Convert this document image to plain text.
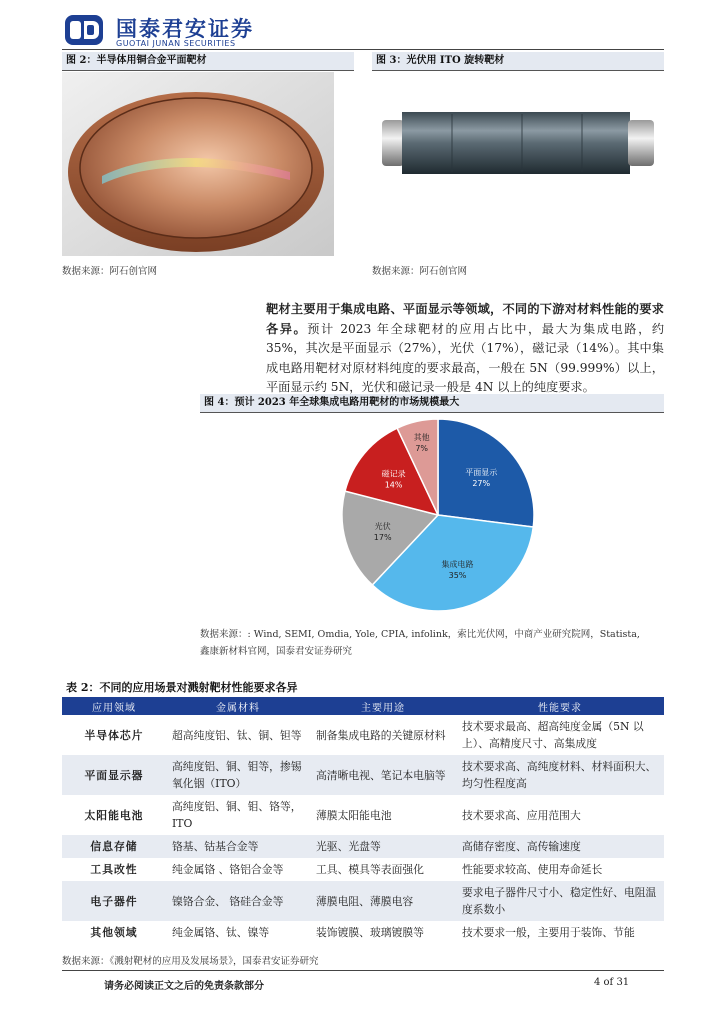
国泰君安证券
GUOTAI JUNAN SECURITIES
图 2：半导体用铜合金平面靶材	图 3：光伏用 ITO 旋转靶材
数据来源：阿石创官网	数据来源：阿石创官网
靶材主要用于集成电路、平面显示等领域，不同的下游对材料性能的要求各异。预计 2023 年全球靶材的应用占比中，最大为集成电路，约 35%，其次是平面显示（27%），光伏（17%），磁记录（14%）。其中集成电路用靶材对原材料纯度的要求最高，一般在 5N（99.999%）以上，平面显示约 5N，光伏和磁记录一般是 4N 以上的纯度要求。
图 4：预计 2023 年全球集成电路用靶材的市场规模最大
平面显示
27%
集成电路
35%
光伏
17%
磁记录
14%
其他
7%
数据来源：: Wind, SEMI, Omdia, Yole, CPIA, infolink，索比光伏网，中商产业研究院网，Statista,
鑫康新材料官网，国泰君安证券研究
表 2：不同的应用场景对溅射靶材性能要求各异
应用领域	金属材料	主要用途	性能要求
半导体芯片	超高纯度铝、钛、铜、钽等	制备集成电路的关键原材料	技术要求最高、超高纯度金属（5N 以上）、高精度尺寸、高集成度
平面显示器	高纯度铝、铜、钼等，掺锡氧化铟（ITO）	高清晰电视、笔记本电脑等	技术要求高、高纯度材料、材料面积大、均匀性程度高
太阳能电池	高纯度铝、铜、钼、铬等，ITO	薄膜太阳能电池	技术要求高、应用范围大
信息存储	铬基、钴基合金等	光驱、光盘等	高储存密度、高传输速度
工具改性	纯金属铬 、铬铝合金等	工具、模具等表面强化	性能要求较高、使用寿命延长
电子器件	镍铬合金、 铬硅合金等	薄膜电阻、薄膜电容	要求电子器件尺寸小、稳定性好、电阻温度系数小
其他领域	纯金属铬、钛、镍等	装饰镀膜、玻璃镀膜等	技术要求一般，主要用于装饰、节能
数据来源：《溅射靶材的应用及发展场景》，国泰君安证券研究
请务必阅读正文之后的免责条款部分	4 of 31
